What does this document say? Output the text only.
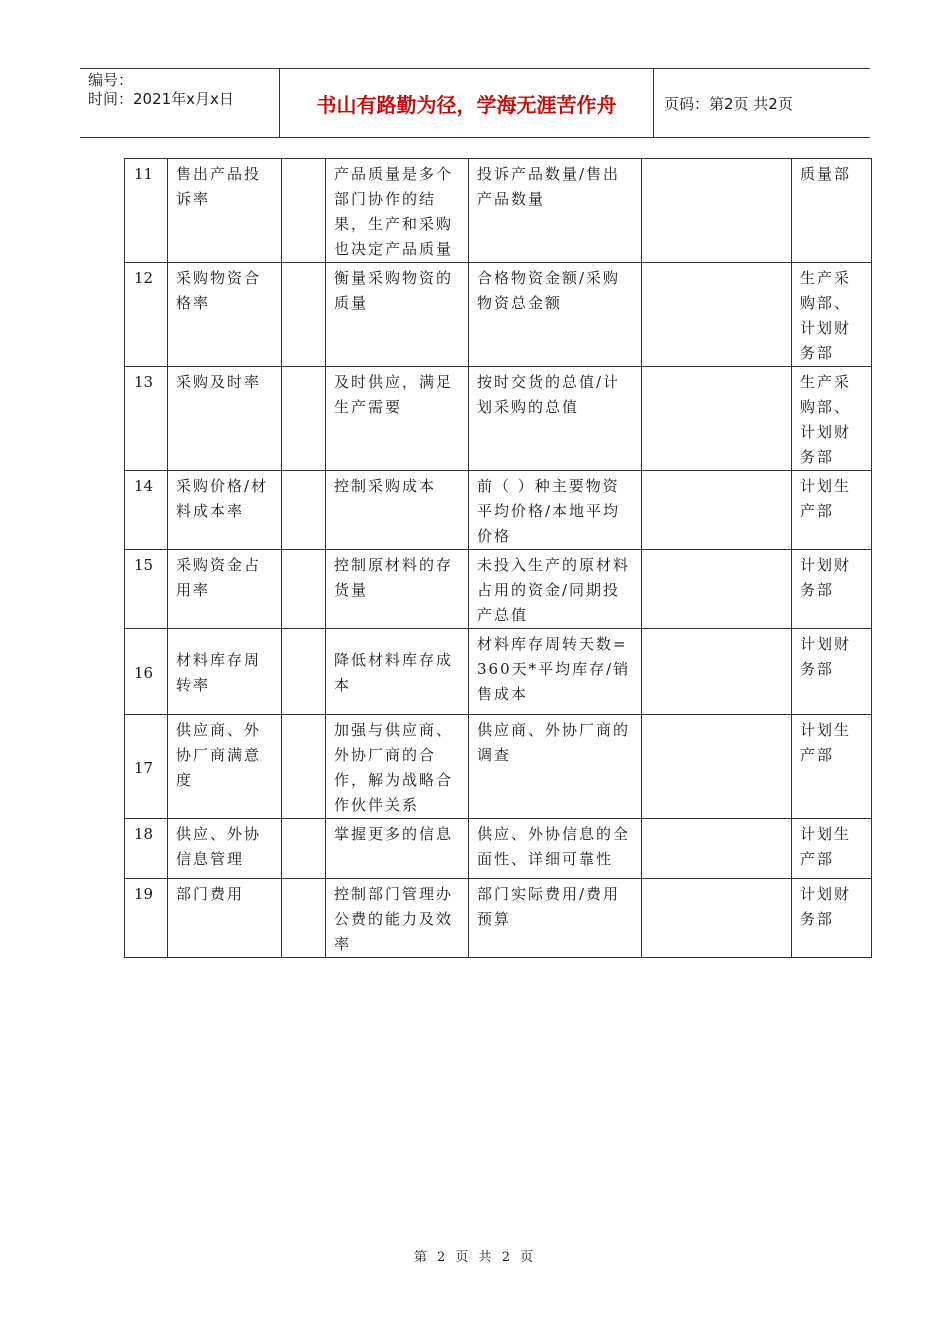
编号：
时间：2021年x月x日	书山有路勤为径，学海无涯苦作舟	页码：第2页 共2页
11	售出产品投诉率		产品质量是多个部门协作的结果，生产和采购也决定产品质量	投诉产品数量/售出产品数量		质量部
12	采购物资合格率		衡量采购物资的质量	合格物资金额/采购物资总金额		生产采购部、计划财务部
13	采购及时率		及时供应，满足生产需要	按时交货的总值/计划采购的总值		生产采购部、计划财务部
14	采购价格/材料成本率		控制采购成本	前（ ）种主要物资平均价格/本地平均价格		计划生产部
15	采购资金占用率		控制原材料的存货量	未投入生产的原材料占用的资金/同期投产总值		计划财务部
16	材料库存周转率		降低材料库存成本	材料库存周转天数=360天*平均库存/销售成本		计划财务部
17	供应商、外协厂商满意度		加强与供应商、外协厂商的合作，解为战略合作伙伴关系	供应商、外协厂商的调查		计划生产部
18	供应、外协信息管理		掌握更多的信息	供应、外协信息的全面性、详细可靠性		计划生产部
19	部门费用		控制部门管理办公费的能力及效率	部门实际费用/费用预算		计划财务部
第 2 页 共 2 页
